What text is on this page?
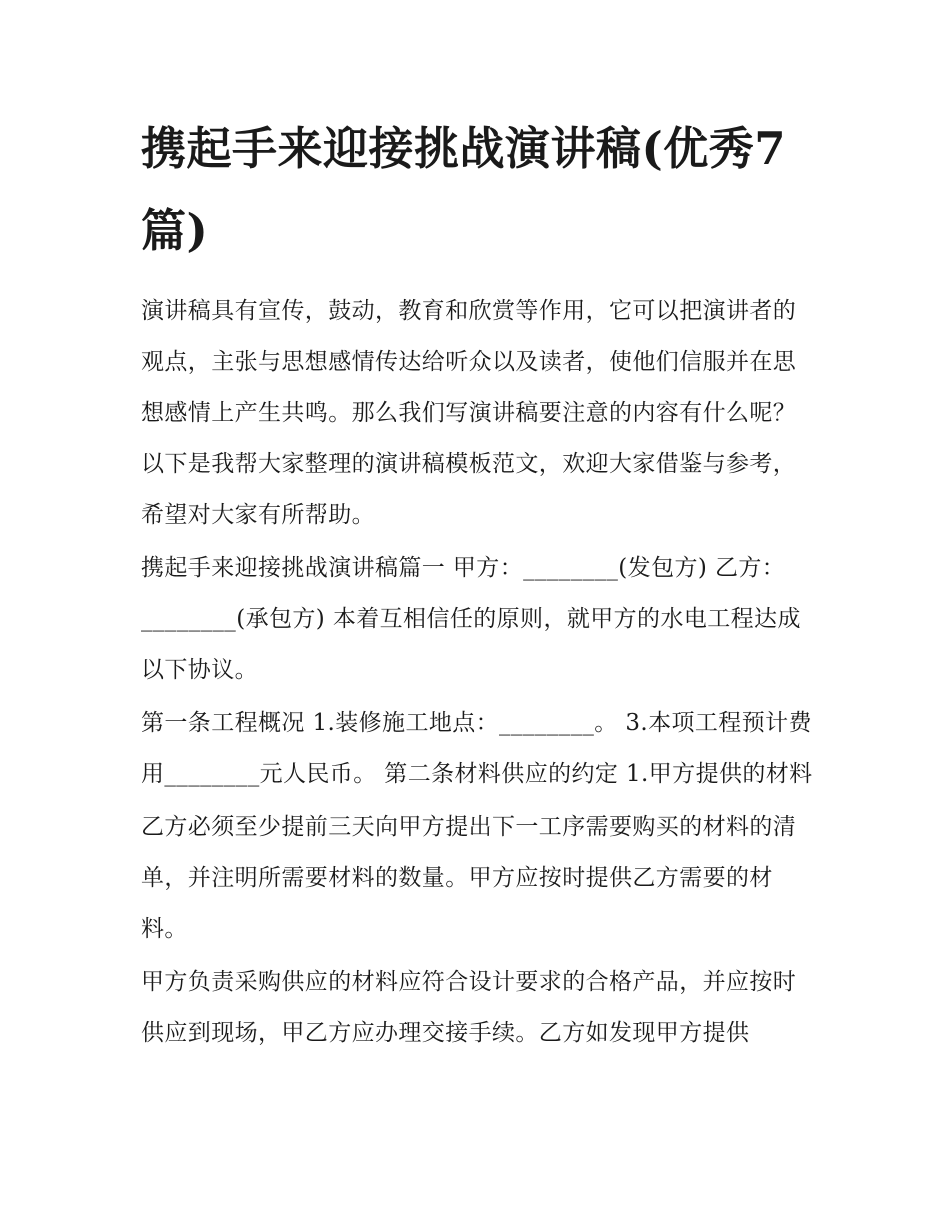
携起手来迎接挑战演讲稿(优秀7篇)

演讲稿具有宣传，鼓动，教育和欣赏等作用，它可以把演讲者的观点，主张与思想感情传达给听众以及读者，使他们信服并在思想感情上产生共鸣。那么我们写演讲稿要注意的内容有什么呢？以下是我帮大家整理的演讲稿模板范文，欢迎大家借鉴与参考，希望对大家有所帮助。

携起手来迎接挑战演讲稿篇一 甲方：________(发包方) 乙方：________(承包方) 本着互相信任的原则，就甲方的水电工程达成以下协议。

第一条工程概况 1.装修施工地点：________。 3.本项工程预计费用________元人民币。 第二条材料供应的约定 1.甲方提供的材料

乙方必须至少提前三天向甲方提出下一工序需要购买的材料的清单，并注明所需要材料的数量。甲方应按时提供乙方需要的材料。

甲方负责采购供应的材料应符合设计要求的合格产品，并应按时供应到现场，甲乙方应办理交接手续。乙方如发现甲方提供
